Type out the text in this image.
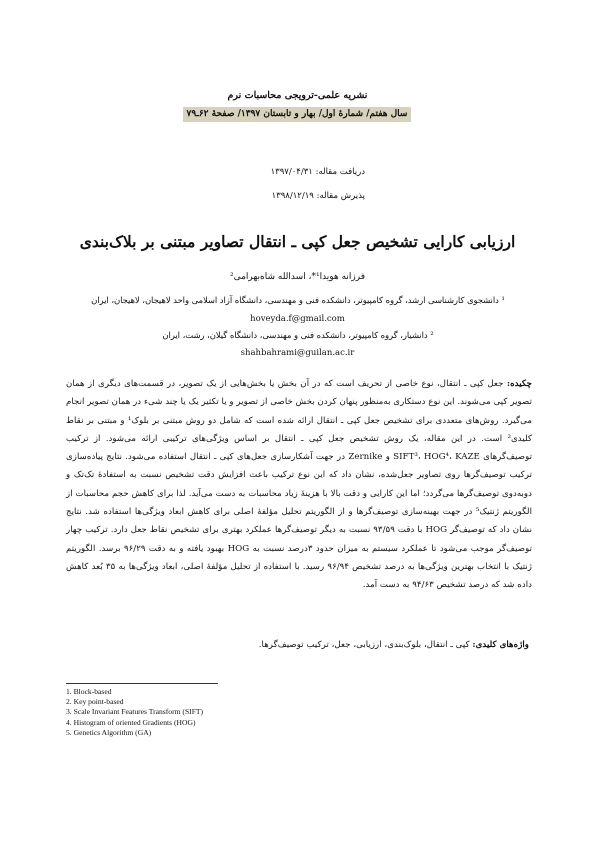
نشریه علمی-ترویجی محاسبات نرم
سال هفتم/ شمارۀ اول/ بهار و تابستان ۱۳۹۷/ صفحۀ ۶۲ـ۷۹
دریافت مقاله: ۱۳۹۷/۰۴/۳۱
پذیرش مقاله: ۱۳۹۸/۱۲/۱۹
ارزیابی کارایی تشخیص جعل کپی ـ انتقال تصاویر مبتنی بر بلاک‌بندی
فرزانه هویدا‏¹*، اسدالله شاه‌بهرامی²
¹ دانشجوی کارشناسی ارشد، گروه کامپیوتر، دانشکده فنی و مهندسی، دانشگاه آزاد اسلامی واحد لاهیجان، لاهیجان، ایران
hoveyda.f@gmail.com
² دانشیار، گروه کامپیوتر، دانشکده فنی و مهندسی، دانشگاه گیلان، رشت، ایران
shahbahrami@guilan.ac.ir
چکیده: جعل کپی ـ انتقال، نوع خاصی از تحریف است که در آن بخش یا بخش‌هایی از یک تصویر، در قسمت‌های دیگری از همان تصویر کپی می‌شوند. این نوع دستکاری به‌منظور پنهان کردن بخش خاصی از تصویر و یا تکثیر یک یا چند شیء در همان تصویر انجام می‌گیرد. روش‌های متعددی برای تشخیص جعل کپی ـ انتقال ارائه شده است که شامل دو روش مبتنی بر بلوک¹ و مبتنی بر نقاط کلیدی² است. در این مقاله، یک روش تشخیص جعل کپی ـ انتقال بر اساس ویژگی‌های ترکیبی ارائه می‌شود. از ترکیب توصیف‌گرهای SIFT³، HOG⁴، KAZE و Zernike در جهت آشکارسازی جعل‌های کپی ـ انتقال استفاده می‌شود. نتایج پیاده‌سازی ترکیب توصیف‌گرها روی تصاویر جعل‌شده، نشان داد که این نوع ترکیب باعث افزایش دقت تشخیص نسبت به استفادهٔ تک‌تک و دوبه‌دوی توصیف‌گرها می‌گردد؛ اما این کارایی و دقت بالا با هزینهٔ زیاد محاسبات به دست می‌آید. لذا برای کاهش حجم محاسبات از الگوریتم ژنتیک⁵ در جهت بهینه‌سازی توصیف‌گرها و از الگوریتم تحلیل مؤلفهٔ اصلی برای کاهش ابعاد ویژگی‌ها استفاده شد. نتایج نشان داد که توصیف‌گر HOG با دقت ۹۳/۵۹ نسبت به دیگر توصیف‌گرها عملکرد بهتری برای تشخیص نقاط جعل دارد. ترکیب چهار توصیف‌گر موجب می‌شود تا عملکرد سیستم به میزان حدود ۳درصد نسبت به HOG بهبود یافته و به دقت ۹۶/۲۹ برسد. الگوریتم ژنتیک با انتخاب بهترین ویژگی‌ها به درصد تشخیص ۹۶/۹۴ رسید. با استفاده از تحلیل مؤلفهٔ اصلی، ابعاد ویژگی‌ها به ۳۵ بُعد کاهش داده شد که درصد تشخیص ۹۴/۶۳ به دست آمد.
واژه‌های کلیدی: کپی ـ انتقال، بلوک‌بندی، ارزیابی، جعل، ترکیب توصیف‌گرها.
1. Block-based
2. Key point-based
3. Scale Invariant Features Transform (SIFT)
4. Histogram of oriented Gradients (HOG)
5. Genetics Algorithm (GA)
